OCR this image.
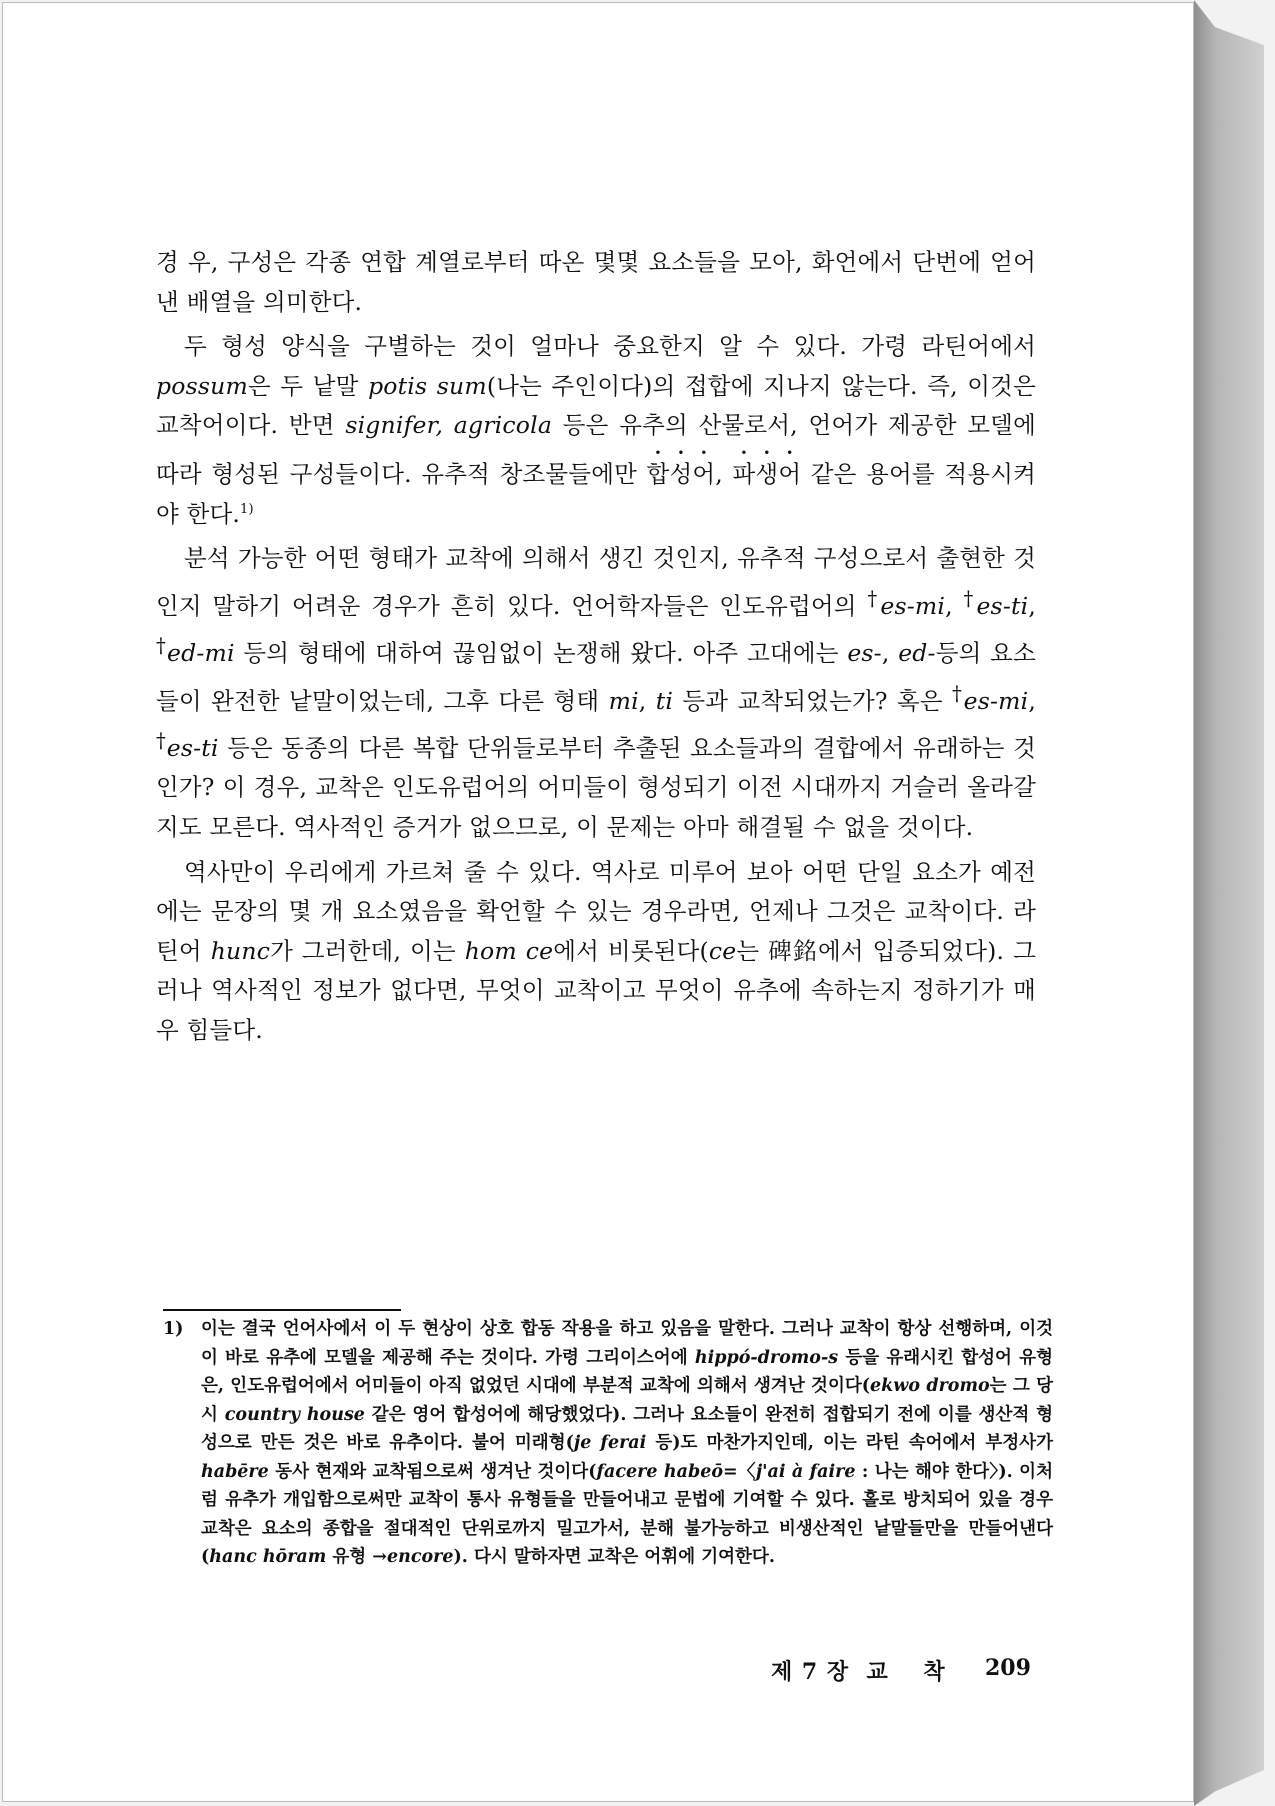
경 우, 구성은 각종 연합 계열로부터 따온 몇몇 요소들을 모아, 화언에서 단번에 얻어낸 배열을 의미한다.

두 형성 양식을 구별하는 것이 얼마나 중요한지 알 수 있다. 가령 라틴어에서 possum은 두 낱말 potis sum(나는 주인이다)의 접합에 지나지 않는다. 즉, 이것은 교착어이다. 반면 signifer, agricola 등은 유추의 산물로서, 언어가 제공한 모델에 따라 형성된 구성들이다. 유추적 창조물들에만 합성어, 파생어 같은 용어를 적용시켜야 한다.$^{1)}$

분석 가능한 어떤 형태가 교착에 의해서 생긴 것인지, 유추적 구성으로서 출현한 것인지 말하기 어려운 경우가 흔히 있다. 언어학자들은 인도유럽어의 †es-mi, †es-ti, †ed-mi 등의 형태에 대하여 끊임없이 논쟁해 왔다. 아주 고대에는 es-, ed-등의 요소들이 완전한 낱말이었는데, 그후 다른 형태 mi, ti 등과 교착되었는가? 혹은 †es-mi, †es-ti 등은 동종의 다른 복합 단위들로부터 추출된 요소들과의 결합에서 유래하는 것인가? 이 경우, 교착은 인도유럽어의 어미들이 형성되기 이전 시대까지 거슬러 올라갈지도 모른다. 역사적인 증거가 없으므로, 이 문제는 아마 해결될 수 없을 것이다.

역사만이 우리에게 가르쳐 줄 수 있다. 역사로 미루어 보아 어떤 단일 요소가 예전에는 문장의 몇 개 요소였음을 확언할 수 있는 경우라면, 언제나 그것은 교착이다. 라틴어 hunc가 그러한데, 이는 hom ce에서 비롯된다(ce는 碑銘에서 입증되었다). 그러나 역사적인 정보가 없다면, 무엇이 교착이고 무엇이 유추에 속하는지 정하기가 매우 힘들다.

1) 이는 결국 언어사에서 이 두 현상이 상호 합동 작용을 하고 있음을 말한다. 그러나 교착이 항상 선행하며, 이것이 바로 유추에 모델을 제공해 주는 것이다. 가령 그리이스어에 hippó-dromo-s 등을 유래시킨 합성어 유형은, 인도유럽어에서 어미들이 아직 없었던 시대에 부분적 교착에 의해서 생겨난 것이다(ekwo dromo는 그 당시 country house 같은 영어 합성어에 해당했었다). 그러나 요소들이 완전히 접합되기 전에 이를 생산적 형성으로 만든 것은 바로 유추이다. 불어 미래형(je ferai 등)도 마찬가지인데, 이는 라틴 속어에서 부정사가 habēre 동사 현재와 교착됨으로써 생겨난 것이다(facere habeō=〈j'ai à faire : 나는 해야 한다〉). 이처럼 유추가 개입함으로써만 교착이 통사 유형들을 만들어내고 문법에 기여할 수 있다. 홀로 방치되어 있을 경우 교착은 요소의 종합을 절대적인 단위로까지 밀고가서, 분해 불가능하고 비생산적인 낱말들만을 만들어낸다(hanc hōram 유형 →encore). 다시 말하자면 교착은 어휘에 기여한다.
제 7 장  교    착 209
